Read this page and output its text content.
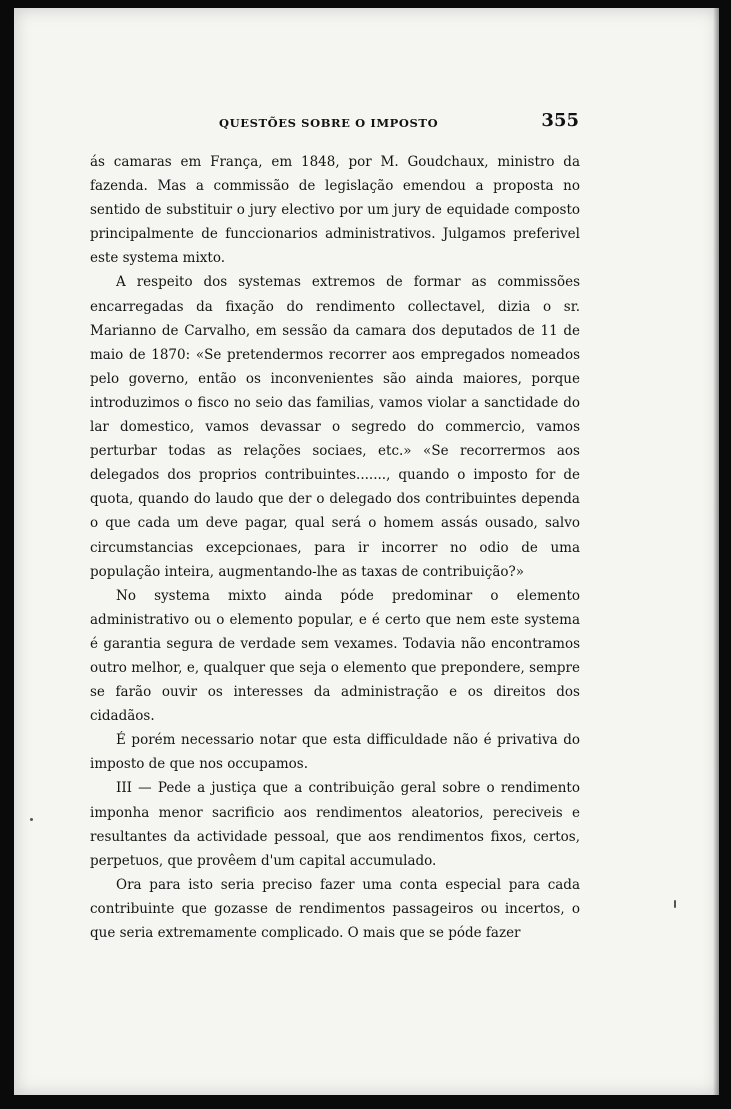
QUESTÕES SOBRE O IMPOSTO	355

ás camaras em França, em 1848, por M. Goudchaux, ministro da fazenda. Mas a commissão de legislação emendou a proposta no sentido de substituir o jury electivo por um jury de equidade composto principalmente de funccionarios administrativos. Julgamos preferivel este systema mixto.

A respeito dos systemas extremos de formar as commissões encarregadas da fixação do rendimento collectavel, dizia o sr. Marianno de Carvalho, em sessão da camara dos deputados de 11 de maio de 1870: «Se pretendermos recorrer aos empregados nomeados pelo governo, então os inconvenientes são ainda maiores, porque introduzimos o fisco no seio das familias, vamos violar a sanctidade do lar domestico, vamos devassar o segredo do commercio, vamos perturbar todas as relações sociaes, etc.» «Se recorrermos aos delegados dos proprios contribuintes......., quando o imposto for de quota, quando do laudo que der o delegado dos contribuintes dependa o que cada um deve pagar, qual será o homem assás ousado, salvo circumstancias excepcionaes, para ir incorrer no odio de uma população inteira, augmentando-lhe as taxas de contribuição?»

No systema mixto ainda póde predominar o elemento administrativo ou o elemento popular, e é certo que nem este systema é garantia segura de verdade sem vexames. Todavia não encontramos outro melhor, e, qualquer que seja o elemento que preponderе, sempre se farão ouvir os interesses da administração e os direitos dos cidadãos.

É porém necessario notar que esta difficuldade não é privativa do imposto de que nos occupamos.

III — Pede a justiça que a contribuição geral sobre o rendimento imponha menor sacrificio aos rendimentos aleatorios, pereciveis e resultantes da actividade pessoal, que aos rendimentos fixos, certos, perpetuos, que provêem d'um capital accumulado.

Ora para isto seria preciso fazer uma conta especial para cada contribuinte que gozasse de rendimentos passageiros ou incertos, o que seria extremamente complicado. O mais que se póde fazer
